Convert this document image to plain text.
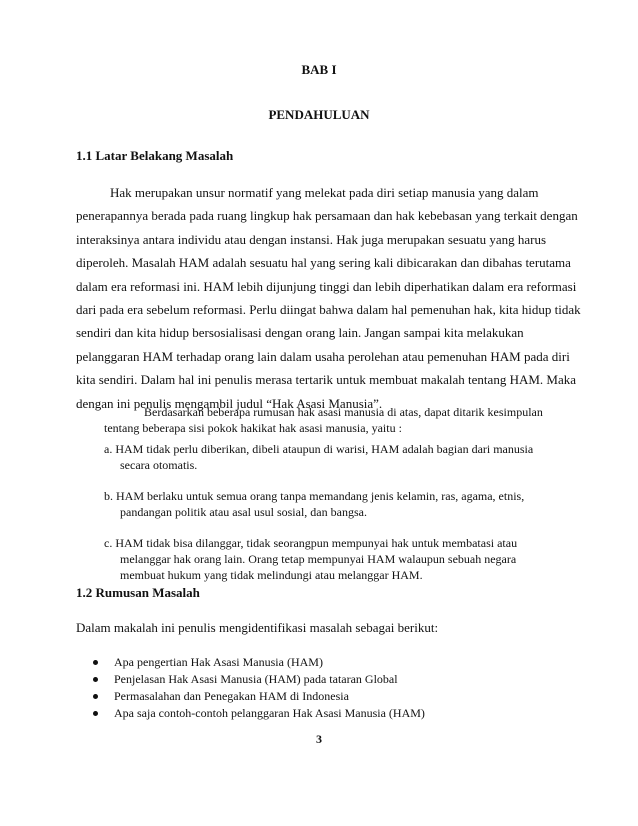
BAB I
PENDAHULUAN
1.1 Latar Belakang Masalah
Hak merupakan unsur normatif yang melekat pada diri setiap manusia yang dalam
penerapannya berada pada ruang lingkup hak persamaan dan hak kebebasan yang terkait dengan
interaksinya antara individu atau dengan instansi. Hak juga merupakan sesuatu yang harus
diperoleh. Masalah HAM adalah sesuatu hal yang sering kali dibicarakan dan dibahas terutama
dalam era reformasi ini. HAM lebih dijunjung tinggi dan lebih diperhatikan dalam era reformasi
dari pada era sebelum reformasi. Perlu diingat bahwa dalam hal pemenuhan hak, kita hidup tidak
sendiri dan kita hidup bersosialisasi dengan orang lain. Jangan sampai kita melakukan
pelanggaran HAM terhadap orang lain dalam usaha perolehan atau pemenuhan HAM pada diri
kita sendiri. Dalam hal ini penulis merasa tertarik untuk membuat makalah tentang HAM. Maka
dengan ini penulis mengambil judul “Hak Asasi Manusia”.
Berdasarkan beberapa rumusan hak asasi manusia di atas, dapat ditarik kesimpulan
tentang beberapa sisi pokok hakikat hak asasi manusia, yaitu :
a. HAM tidak perlu diberikan, dibeli ataupun di warisi, HAM adalah bagian dari manusia
secara otomatis.
b. HAM berlaku untuk semua orang tanpa memandang jenis kelamin, ras, agama, etnis,
pandangan politik atau asal usul sosial, dan bangsa.
c. HAM tidak bisa dilanggar, tidak seorangpun mempunyai hak untuk membatasi atau
melanggar hak orang lain. Orang tetap mempunyai HAM walaupun sebuah negara
membuat hukum yang tidak melindungi atau melanggar HAM.
1.2 Rumusan Masalah
Dalam makalah ini penulis mengidentifikasi masalah sebagai berikut:
Apa pengertian Hak Asasi Manusia (HAM)
Penjelasan Hak Asasi Manusia (HAM) pada tataran Global
Permasalahan dan Penegakan HAM di Indonesia
Apa saja contoh-contoh pelanggaran Hak Asasi Manusia (HAM)
3
